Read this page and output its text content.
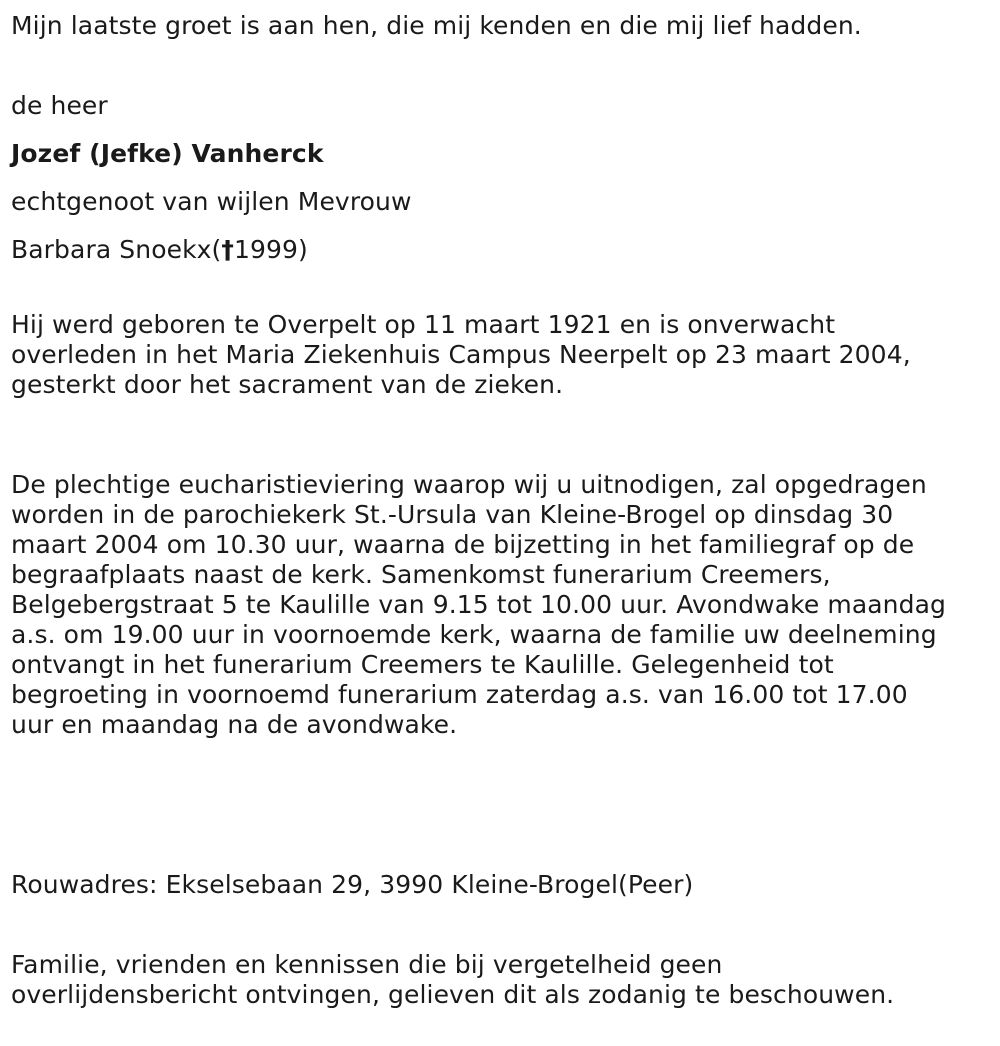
Mijn laatste groet is aan hen, die mij kenden en die mij lief hadden.
de heer
Jozef (Jefke) Vanherck
echtgenoot van wijlen Mevrouw
Barbara Snoekx(†1999)
Hij werd geboren te Overpelt op 11 maart 1921 en is onverwacht
overleden in het Maria Ziekenhuis Campus Neerpelt op 23 maart 2004,
gesterkt door het sacrament van de zieken.
De plechtige eucharistieviering waarop wij u uitnodigen, zal opgedragen
worden in de parochiekerk St.-Ursula van Kleine-Brogel op dinsdag 30
maart 2004 om 10.30 uur, waarna de bijzetting in het familiegraf op de
begraafplaats naast de kerk. Samenkomst funerarium Creemers,
Belgebergstraat 5 te Kaulille van 9.15 tot 10.00 uur. Avondwake maandag
a.s. om 19.00 uur in voornoemde kerk, waarna de familie uw deelneming
ontvangt in het funerarium Creemers te Kaulille. Gelegenheid tot
begroeting in voornoemd funerarium zaterdag a.s. van 16.00 tot 17.00
uur en maandag na de avondwake.
Rouwadres: Ekselsebaan 29, 3990 Kleine-Brogel(Peer)
Familie, vrienden en kennissen die bij vergetelheid geen
overlijdensbericht ontvingen, gelieven dit als zodanig te beschouwen.
